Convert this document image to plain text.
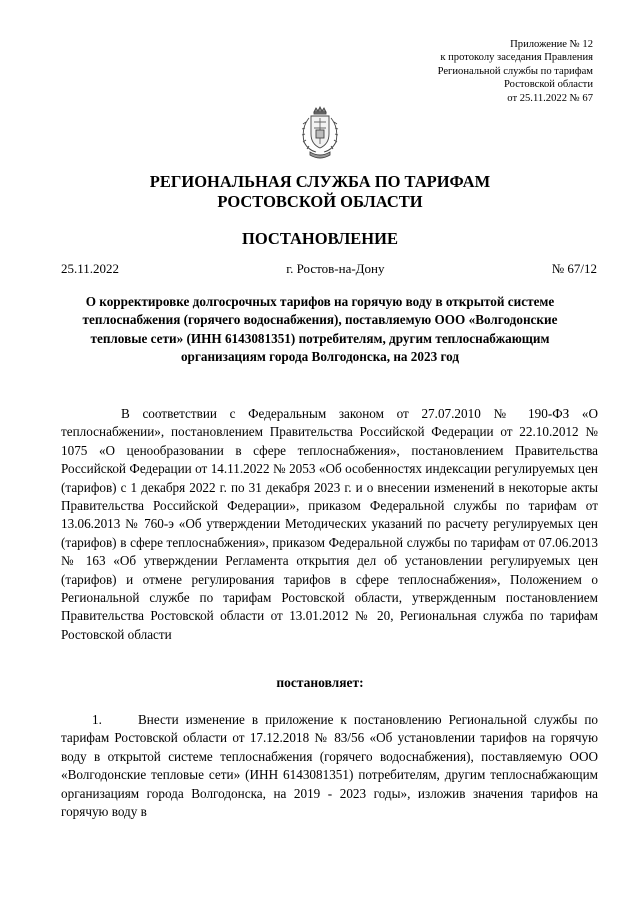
Приложение № 12
к протоколу заседания Правления
Региональной службы по тарифам
Ростовской области
от 25.11.2022 № 67
РЕГИОНАЛЬНАЯ СЛУЖБА ПО ТАРИФАМ
РОСТОВСКОЙ ОБЛАСТИ
ПОСТАНОВЛЕНИЕ
25.11.2022	г. Ростов-на-Дону	№ 67/12
О корректировке долгосрочных тарифов на горячую воду в открытой системе теплоснабжения (горячего водоснабжения), поставляемую ООО «Волгодонские тепловые сети» (ИНН 6143081351) потребителям, другим теплоснабжающим организациям города Волгодонска, на 2023 год
В соответствии с Федеральным законом от 27.07.2010 № 190-ФЗ «О теплоснабжении», постановлением Правительства Российской Федерации от 22.10.2012 № 1075 «О ценообразовании в сфере теплоснабжения», постановлением Правительства Российской Федерации от 14.11.2022 № 2053 «Об особенностях индексации регулируемых цен (тарифов) с 1 декабря 2022 г. по 31 декабря 2023 г. и о внесении изменений в некоторые акты Правительства Российской Федерации», приказом Федеральной службы по тарифам от 13.06.2013 № 760-э «Об утверждении Методических указаний по расчету регулируемых цен (тарифов) в сфере теплоснабжения», приказом Федеральной службы по тарифам от 07.06.2013 № 163 «Об утверждении Регламента открытия дел об установлении регулируемых цен (тарифов) и отмене регулирования тарифов в сфере теплоснабжения», Положением о Региональной службе по тарифам Ростовской области, утвержденным постановлением Правительства Ростовской области от 13.01.2012 № 20, Региональная служба по тарифам Ростовской области
постановляет:
1.	Внести изменение в приложение к постановлению Региональной службы по тарифам Ростовской области от 17.12.2018 № 83/56 «Об установлении тарифов на горячую воду в открытой системе теплоснабжения (горячего водоснабжения), поставляемую ООО «Волгодонские тепловые сети» (ИНН 6143081351) потребителям, другим теплоснабжающим организациям города Волгодонска, на 2019 - 2023 годы», изложив значения тарифов на горячую воду в
